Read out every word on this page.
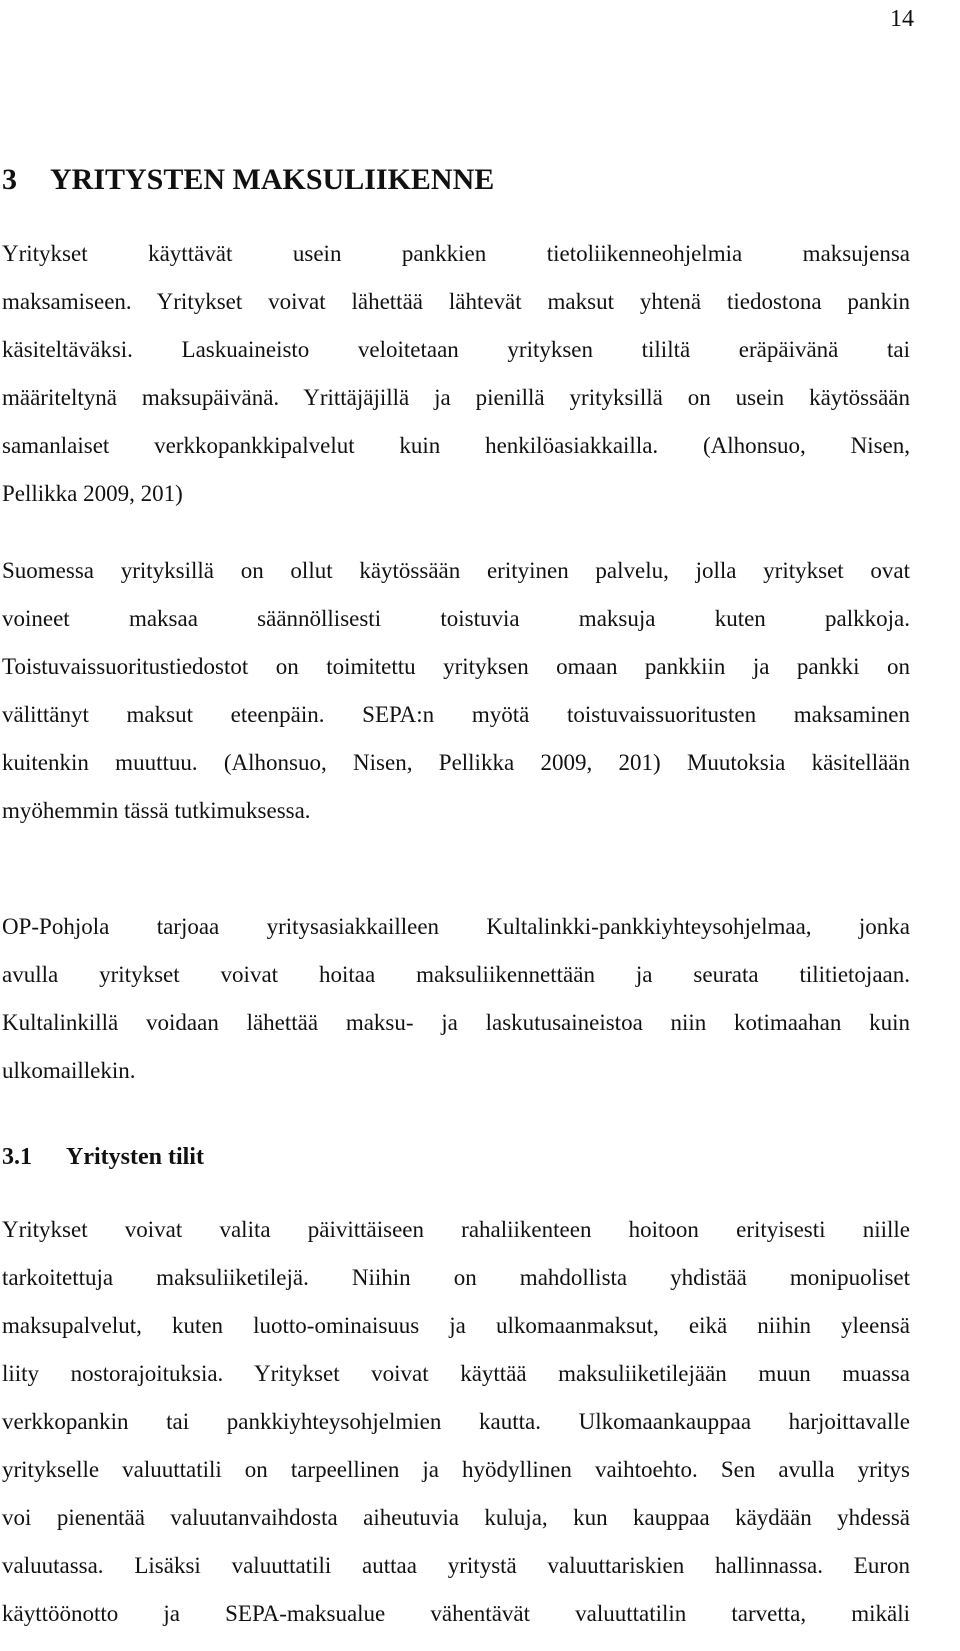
14
3 YRITYSTEN MAKSULIIKENNE
Yritykset käyttävät usein pankkien tietoliikenneohjelmia maksujensa
maksamiseen. Yritykset voivat lähettää lähtevät maksut yhtenä tiedostona pankin
käsiteltäväksi. Laskuaineisto veloitetaan yrityksen tililtä eräpäivänä tai
määriteltynä maksupäivänä. Yrittäjäjillä ja pienillä yrityksillä on usein käytössään
samanlaiset verkkopankkipalvelut kuin henkilöasiakkailla. (Alhonsuo, Nisen,
Pellikka 2009, 201)
Suomessa yrityksillä on ollut käytössään erityinen palvelu, jolla yritykset ovat
voineet maksaa säännöllisesti toistuvia maksuja kuten palkkoja.
Toistuvaissuoritustiedostot on toimitettu yrityksen omaan pankkiin ja pankki on
välittänyt maksut eteenpäin. SEPA:n myötä toistuvaissuoritusten maksaminen
kuitenkin muuttuu. (Alhonsuo, Nisen, Pellikka 2009, 201) Muutoksia käsitellään
myöhemmin tässä tutkimuksessa.
OP-Pohjola tarjoaa yritysasiakkailleen Kultalinkki-pankkiyhteysohjelmaa, jonka
avulla yritykset voivat hoitaa maksuliikennettään ja seurata tilitietojaan.
Kultalinkillä voidaan lähettää maksu- ja laskutusaineistoa niin kotimaahan kuin
ulkomaillekin.
3.1 Yritysten tilit
Yritykset voivat valita päivittäiseen rahaliikenteen hoitoon erityisesti niille
tarkoitettuja maksuliiketilejä. Niihin on mahdollista yhdistää monipuoliset
maksupalvelut, kuten luotto-ominaisuus ja ulkomaanmaksut, eikä niihin yleensä
liity nostorajoituksia. Yritykset voivat käyttää maksuliiketilejään muun muassa
verkkopankin tai pankkiyhteysohjelmien kautta. Ulkomaankauppaa harjoittavalle
yritykselle valuuttatili on tarpeellinen ja hyödyllinen vaihtoehto. Sen avulla yritys
voi pienentää valuutanvaihdosta aiheutuvia kuluja, kun kauppaa käydään yhdessä
valuutassa. Lisäksi valuuttatili auttaa yritystä valuuttariskien hallinnassa. Euron
käyttöönotto ja SEPA-maksualue vähentävät valuuttatilin tarvetta, mikäli
